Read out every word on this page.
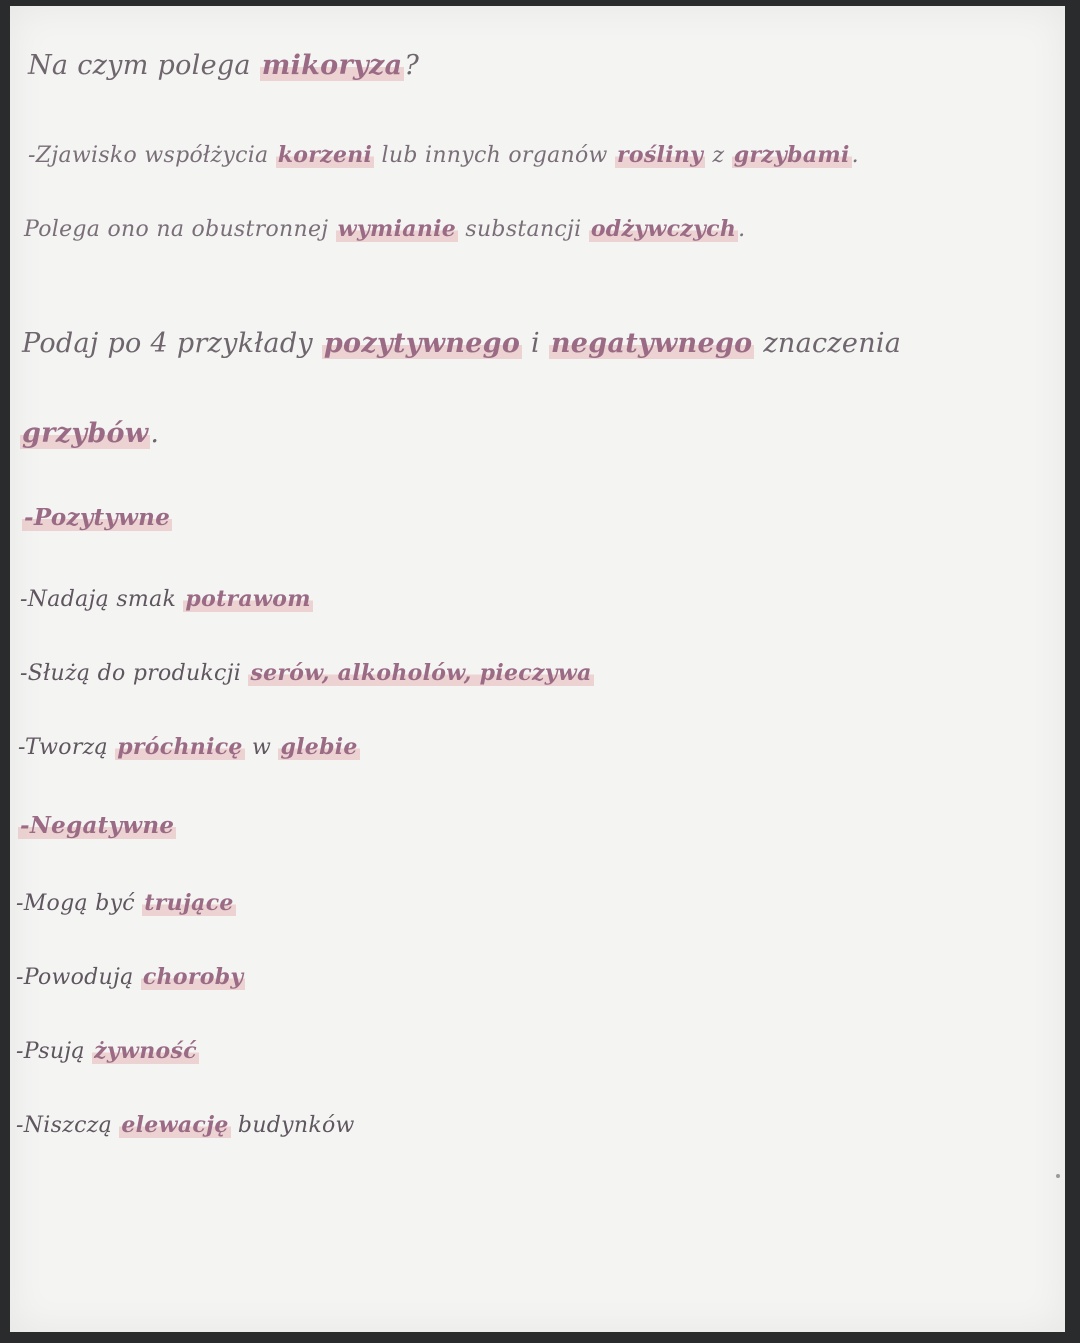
Na czym polega mikoryza?
-Zjawisko współżycia korzeni lub innych organów rośliny z grzybami.
Polega ono na obustronnej wymianie substancji odżywczych.
Podaj po 4 przykłady pozytywnego i negatywnego znaczenia
grzybów.
-Pozytywne
-Nadają smak potrawom
-Służą do produkcji serów, alkoholów, pieczywa
-Tworzą próchnicę w glebie
-Negatywne
-Mogą być trujące
-Powodują choroby
-Psują żywność
-Niszczą elewację budynków
